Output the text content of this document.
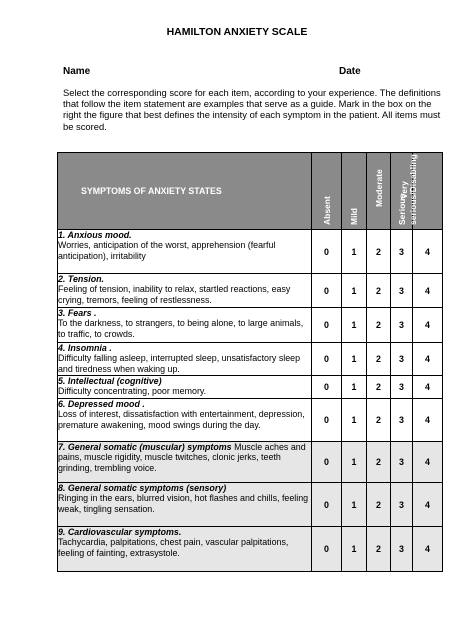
HAMILTON ANXIETY SCALE
Name	Date
Select the corresponding score for each item, according to your experience. The definitions that follow the item statement are examples that serve as a guide. Mark in the box on the right the figure that best defines the intensity of each symptom in the patient. All items must be scored.
SYMPTOMS OF ANXIETY STATES	Absent	Mild	Moderate	Serious	Very serious/Disabling

1. Anxious mood.
Worries, anticipation of the worst, apprehension (fearful anticipation), irritability	0	1	2	3	4
2. Tension.
Feeling of tension, inability to relax, startled reactions, easy crying, tremors, feeling of restlessness.	0	1	2	3	4
3. Fears .
To the darkness, to strangers, to being alone, to large animals, to traffic, to crowds.	0	1	2	3	4
4. Insomnia .
Difficulty falling asleep, interrupted sleep, unsatisfactory sleep and tiredness when waking up.	0	1	2	3	4
5. Intellectual (cognitive)
Difficulty concentrating, poor memory.	0	1	2	3	4
6. Depressed mood .
Loss of interest, dissatisfaction with entertainment, depression, premature awakening, mood swings during the day.	0	1	2	3	4
7. General somatic (muscular) symptoms Muscle aches and pains, muscle rigidity, muscle twitches, clonic jerks, teeth grinding, trembling voice.	0	1	2	3	4
8. General somatic symptoms (sensory)
Ringing in the ears, blurred vision, hot flashes and chills, feeling weak, tingling sensation.	0	1	2	3	4
9. Cardiovascular symptoms.
Tachycardia, palpitations, chest pain, vascular palpitations, feeling of fainting, extrasystole.	0	1	2	3	4
